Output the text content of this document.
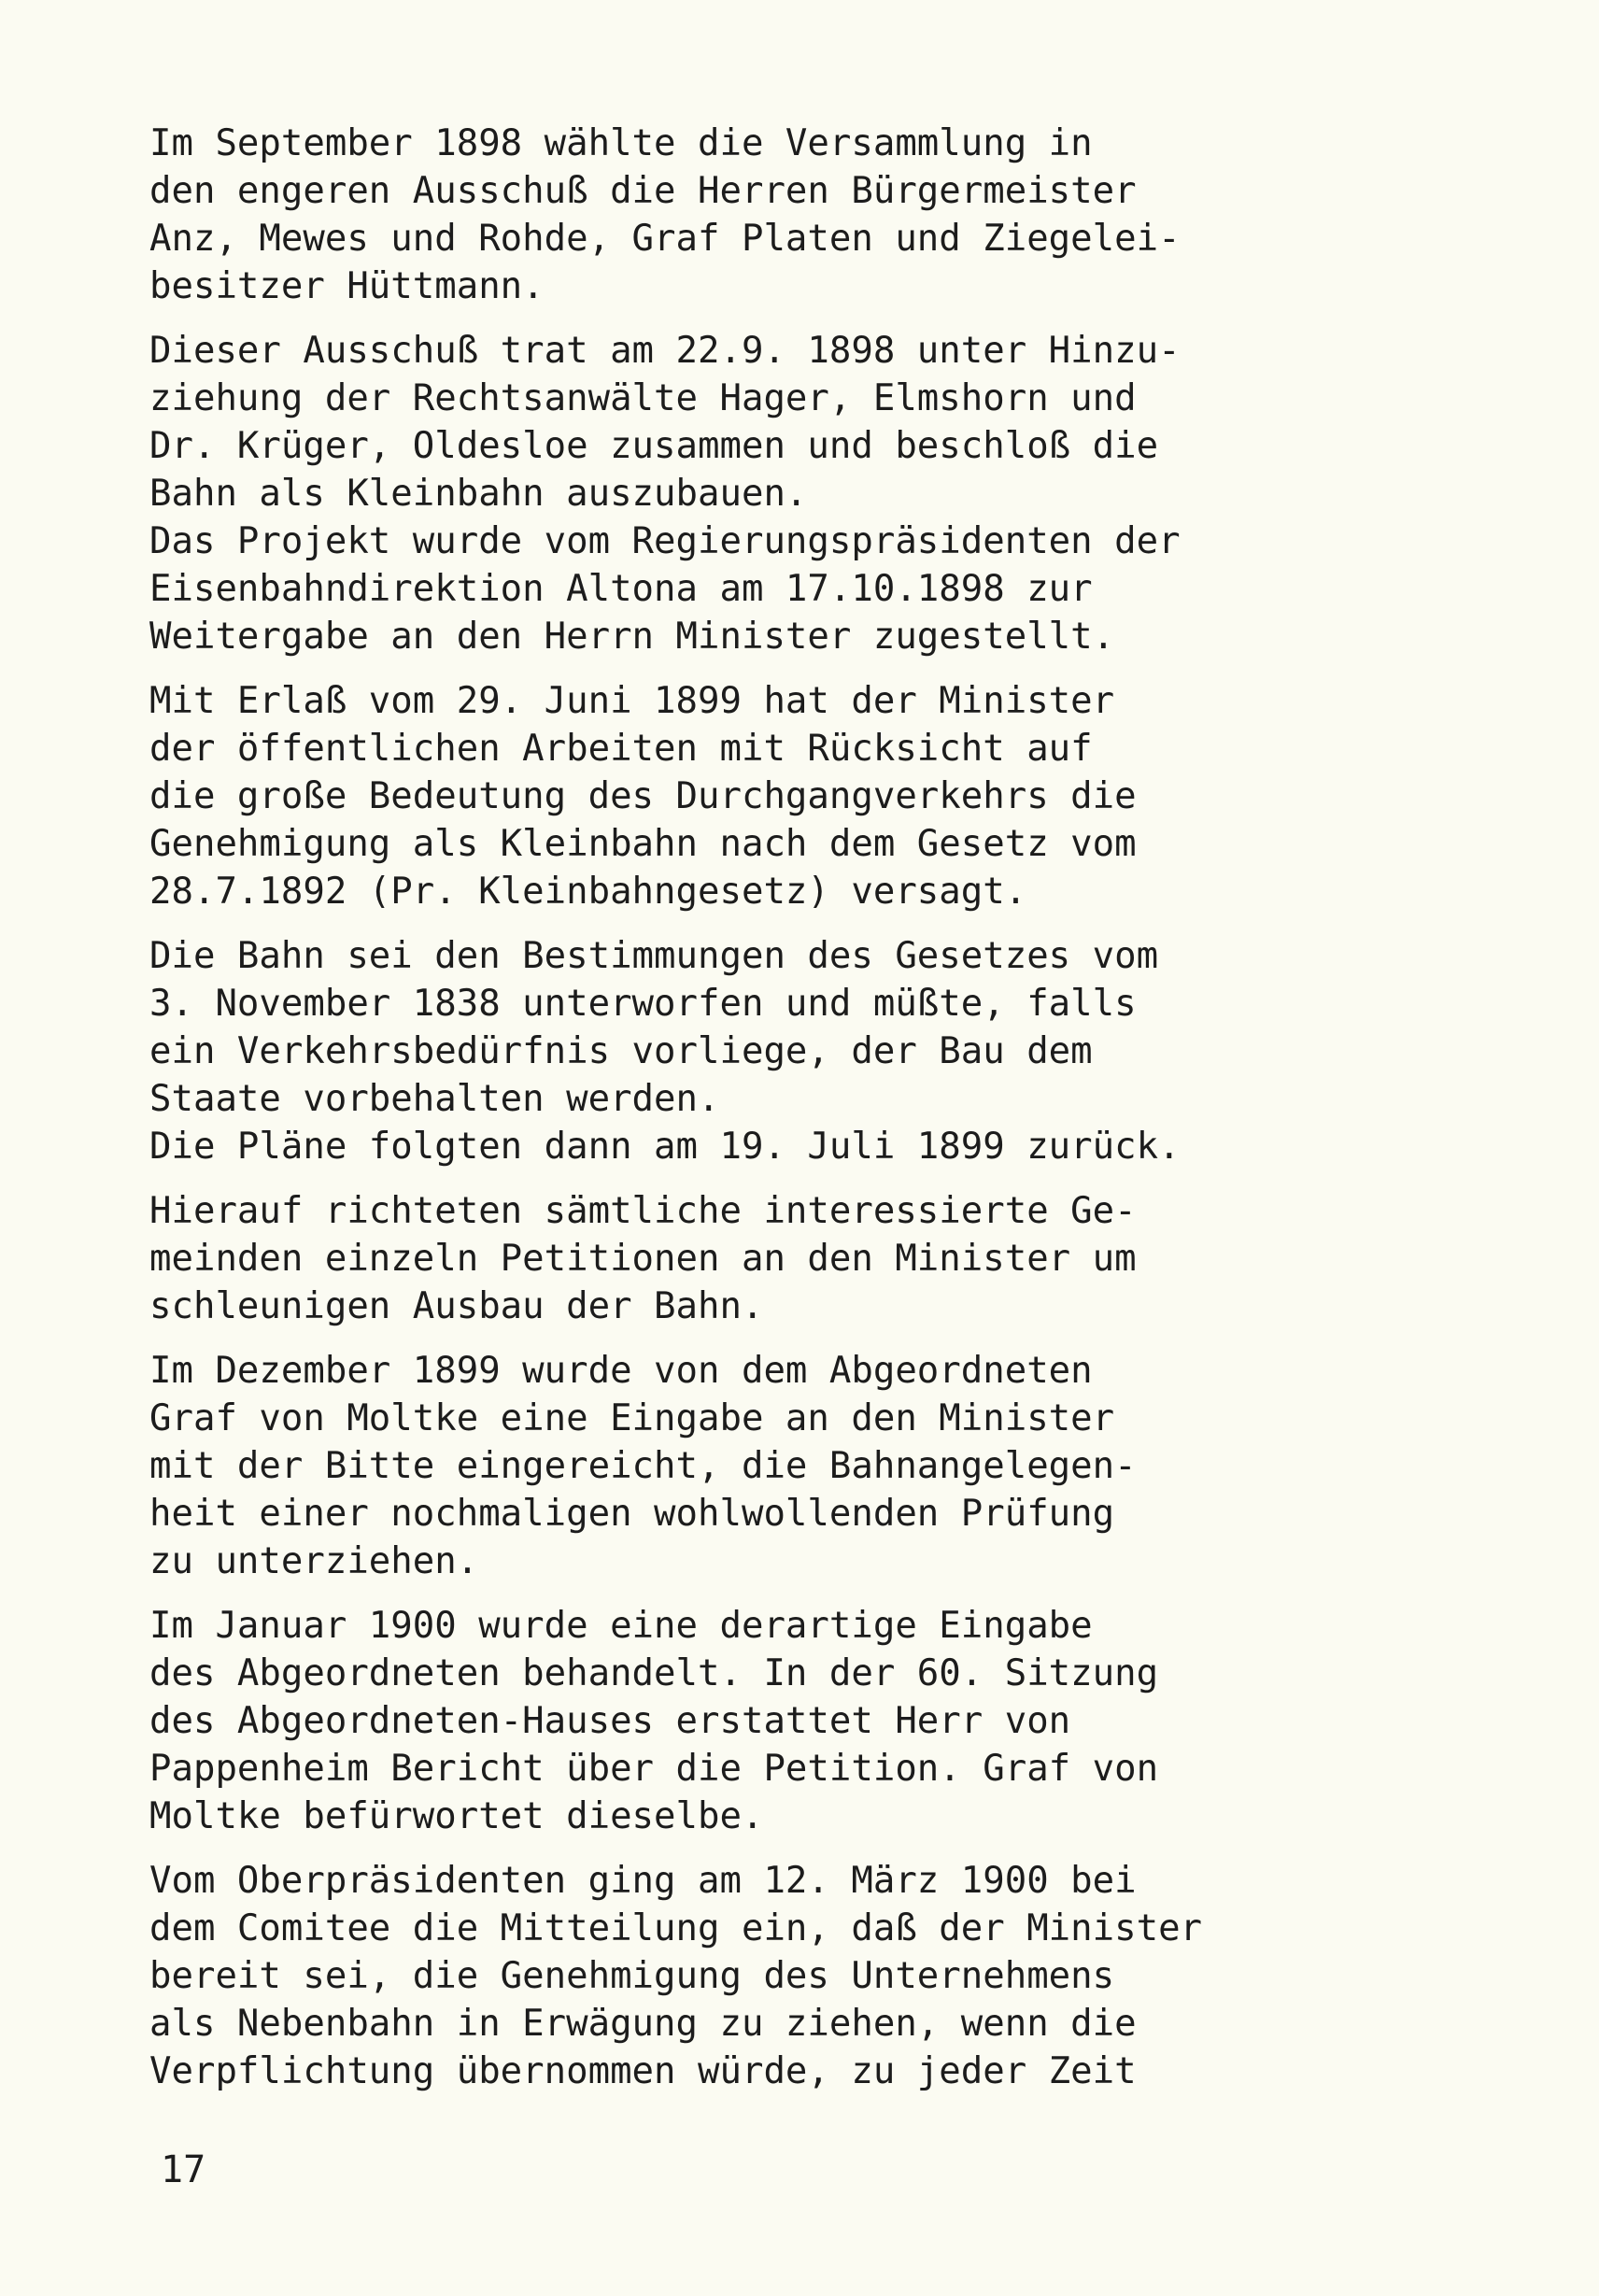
Im September 1898 wählte die Versammlung in
den engeren Ausschuß die Herren Bürgermeister
Anz, Mewes und Rohde, Graf Platen und Ziegelei-
besitzer Hüttmann.
Dieser Ausschuß trat am 22.9. 1898 unter Hinzu-
ziehung der Rechtsanwälte Hager, Elmshorn und
Dr. Krüger, Oldesloe zusammen und beschloß die
Bahn als Kleinbahn auszubauen.
Das Projekt wurde vom Regierungspräsidenten der
Eisenbahndirektion Altona am 17.10.1898 zur
Weitergabe an den Herrn Minister zugestellt.
Mit Erlaß vom 29. Juni 1899 hat der Minister
der öffentlichen Arbeiten mit Rücksicht auf
die große Bedeutung des Durchgangverkehrs die
Genehmigung als Kleinbahn nach dem Gesetz vom
28.7.1892 (Pr. Kleinbahngesetz) versagt.
Die Bahn sei den Bestimmungen des Gesetzes vom
3. November 1838 unterworfen und müßte, falls
ein Verkehrsbedürfnis vorliege, der Bau dem
Staate vorbehalten werden.
Die Pläne folgten dann am 19. Juli 1899 zurück.
Hierauf richteten sämtliche interessierte Ge-
meinden einzeln Petitionen an den Minister um
schleunigen Ausbau der Bahn.
Im Dezember 1899 wurde von dem Abgeordneten
Graf von Moltke eine Eingabe an den Minister
mit der Bitte eingereicht, die Bahnangelegen-
heit einer nochmaligen wohlwollenden Prüfung
zu unterziehen.
Im Januar 1900 wurde eine derartige Eingabe
des Abgeordneten behandelt. In der 60. Sitzung
des Abgeordneten-Hauses erstattet Herr von
Pappenheim Bericht über die Petition. Graf von
Moltke befürwortet dieselbe.
Vom Oberpräsidenten ging am 12. März 1900 bei
dem Comitee die Mitteilung ein, daß der Minister
bereit sei, die Genehmigung des Unternehmens
als Nebenbahn in Erwägung zu ziehen, wenn die
Verpflichtung übernommen würde, zu jeder Zeit
17
